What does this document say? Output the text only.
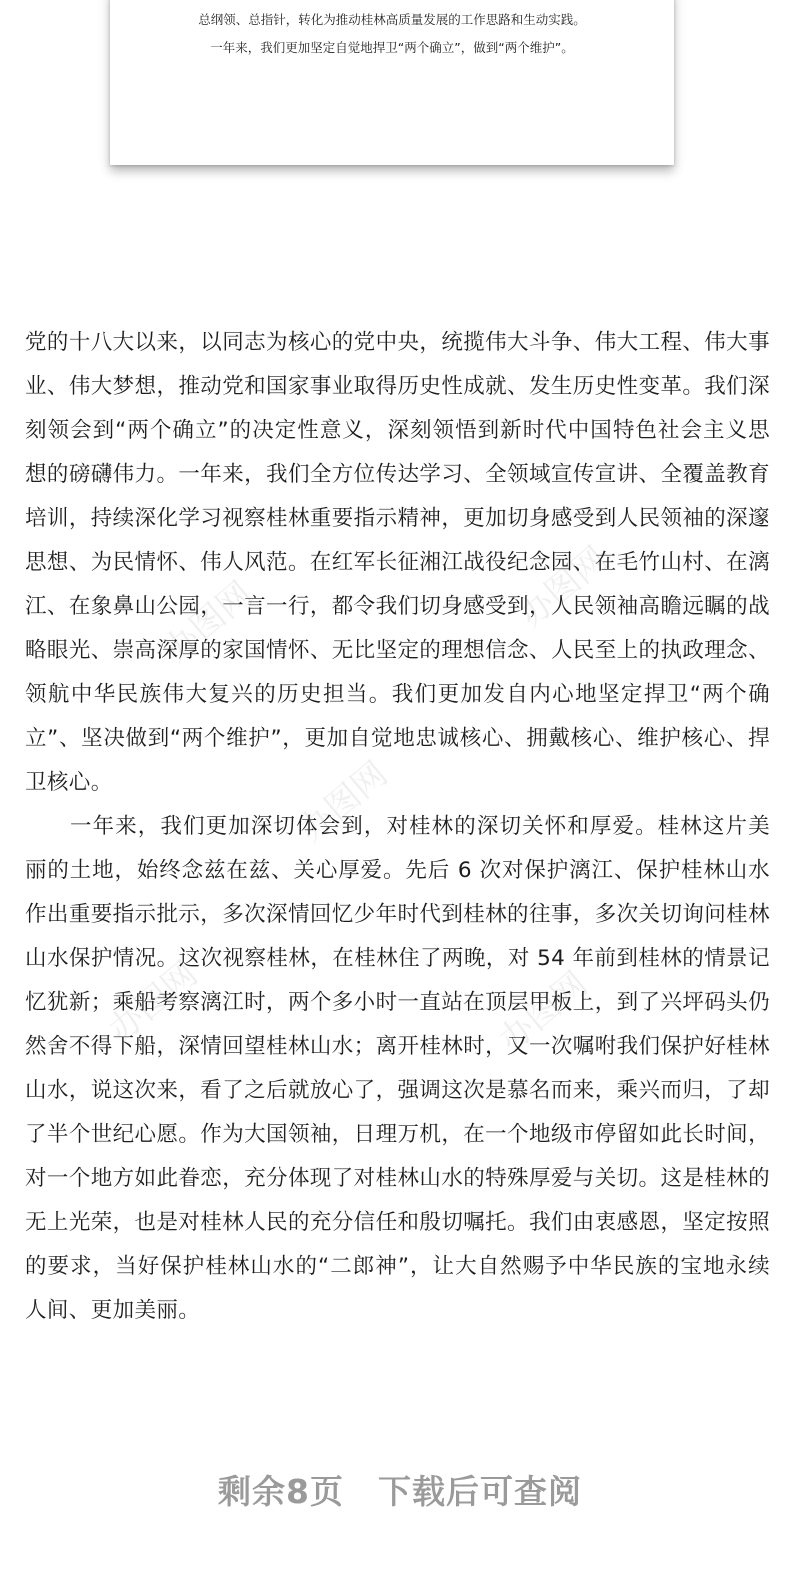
总纲领、总指针，转化为推动桂林高质量发展的工作思路和生动实践。
一年来，我们更加坚定自觉地捍卫“两个确立”，做到“两个维护”。
办图网	办图网
办图网
办图网	办图网

党的十八大以来，以同志为核心的党中央，统揽伟大斗争、伟大工程、伟大事业、伟大梦想，推动党和国家事业取得历史性成就、发生历史性变革。我们深刻领会到“两个确立”的决定性意义，深刻领悟到新时代中国特色社会主义思想的磅礴伟力。一年来，我们全方位传达学习、全领域宣传宣讲、全覆盖教育培训，持续深化学习视察桂林重要指示精神，更加切身感受到人民领袖的深邃思想、为民情怀、伟人风范。在红军长征湘江战役纪念园、在毛竹山村、在漓江、在象鼻山公园，一言一行，都令我们切身感受到，人民领袖高瞻远瞩的战略眼光、崇高深厚的家国情怀、无比坚定的理想信念、人民至上的执政理念、领航中华民族伟大复兴的历史担当。我们更加发自内心地坚定捍卫“两个确立”、坚决做到“两个维护”，更加自觉地忠诚核心、拥戴核心、维护核心、捍卫核心。

一年来，我们更加深切体会到，对桂林的深切关怀和厚爱。桂林这片美丽的土地，始终念兹在兹、关心厚爱。先后 6 次对保护漓江、保护桂林山水作出重要指示批示，多次深情回忆少年时代到桂林的往事，多次关切询问桂林山水保护情况。这次视察桂林，在桂林住了两晚，对 54 年前到桂林的情景记忆犹新；乘船考察漓江时，两个多小时一直站在顶层甲板上，到了兴坪码头仍然舍不得下船，深情回望桂林山水；离开桂林时，又一次嘱咐我们保护好桂林山水，说这次来，看了之后就放心了，强调这次是慕名而来，乘兴而归，了却了半个世纪心愿。作为大国领袖，日理万机，在一个地级市停留如此长时间，对一个地方如此眷恋，充分体现了对桂林山水的特殊厚爱与关切。这是桂林的无上光荣，也是对桂林人民的充分信任和殷切嘱托。我们由衷感恩，坚定按照的要求，当好保护桂林山水的“二郎神”，让大自然赐予中华民族的宝地永续人间、更加美丽。

剩余8页 下载后可查阅
